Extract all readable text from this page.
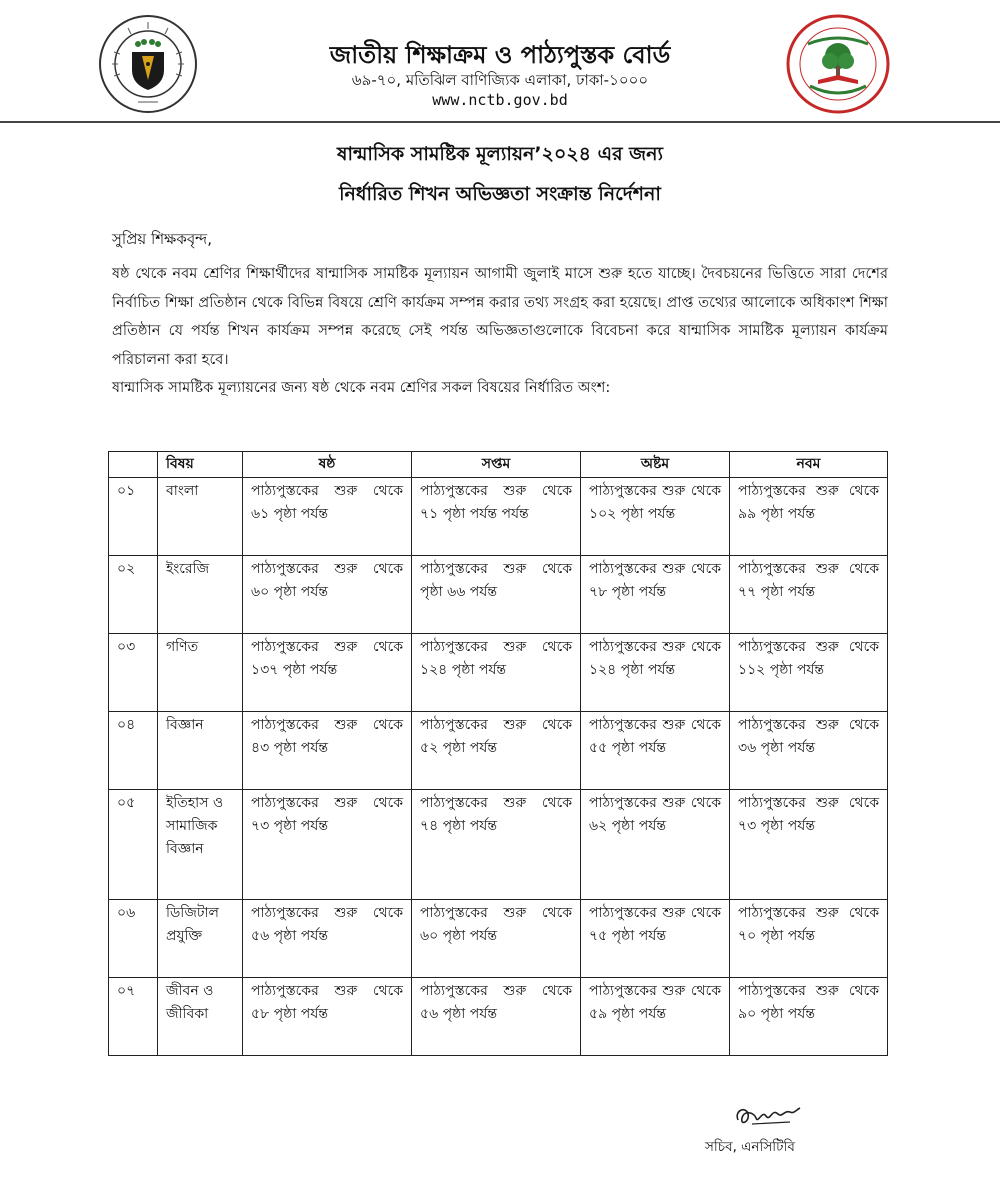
জাতীয় শিক্ষাক্রম ও পাঠ্যপুস্তক বোর্ড
৬৯-৭০, মতিঝিল বাণিজ্যিক এলাকা, ঢাকা-১০০০
www.nctb.gov.bd
ষান্মাসিক সামষ্টিক মূল্যায়ন’২০২৪ এর জন্য
নির্ধারিত শিখন অভিজ্ঞতা সংক্রান্ত নির্দেশনা
সুপ্রিয় শিক্ষকবৃন্দ,

ষষ্ঠ থেকে নবম শ্রেণির শিক্ষার্থীদের ষান্মাসিক সামষ্টিক মূল্যায়ন আগামী জুলাই মাসে শুরু হতে যাচ্ছে। দৈবচয়নের ভিত্তিতে সারা দেশের নির্বাচিত শিক্ষা প্রতিষ্ঠান থেকে বিভিন্ন বিষয়ে শ্রেণি কার্যক্রম সম্পন্ন করার তথ্য সংগ্রহ করা হয়েছে। প্রাপ্ত তথ্যের আলোকে অধিকাংশ শিক্ষা প্রতিষ্ঠান যে পর্যন্ত শিখন কার্যক্রম সম্পন্ন করেছে সেই পর্যন্ত অভিজ্ঞতাগুলোকে বিবেচনা করে ষান্মাসিক সামষ্টিক মূল্যায়ন কার্যক্রম পরিচালনা করা হবে।

ষান্মাসিক সামষ্টিক মূল্যায়নের জন্য ষষ্ঠ থেকে নবম শ্রেণির সকল বিষয়ের নির্ধারিত অংশ:

	বিষয়	ষষ্ঠ	সপ্তম	অষ্টম	নবম
০১	বাংলা	পাঠ্যপুস্তকের শুরু থেকে ৬১ পৃষ্ঠা পর্যন্ত	পাঠ্যপুস্তকের শুরু থেকে ৭১ পৃষ্ঠা পর্যন্ত পর্যন্ত	পাঠ্যপুস্তকের শুরু থেকে ১০২ পৃষ্ঠা পর্যন্ত	পাঠ্যপুস্তকের শুরু থেকে ৯৯ পৃষ্ঠা পর্যন্ত
০২	ইংরেজি	পাঠ্যপুস্তকের শুরু থেকে ৬০ পৃষ্ঠা পর্যন্ত	পাঠ্যপুস্তকের শুরু থেকে পৃষ্ঠা ৬৬ পর্যন্ত	পাঠ্যপুস্তকের শুরু থেকে ৭৮ পৃষ্ঠা পর্যন্ত	পাঠ্যপুস্তকের শুরু থেকে ৭৭ পৃষ্ঠা পর্যন্ত
০৩	গণিত	পাঠ্যপুস্তকের শুরু থেকে ১৩৭ পৃষ্ঠা পর্যন্ত	পাঠ্যপুস্তকের শুরু থেকে ১২৪ পৃষ্ঠা পর্যন্ত	পাঠ্যপুস্তকের শুরু থেকে ১২৪ পৃষ্ঠা পর্যন্ত	পাঠ্যপুস্তকের শুরু থেকে ১১২ পৃষ্ঠা পর্যন্ত
০৪	বিজ্ঞান	পাঠ্যপুস্তকের শুরু থেকে ৪৩ পৃষ্ঠা পর্যন্ত	পাঠ্যপুস্তকের শুরু থেকে ৫২ পৃষ্ঠা পর্যন্ত	পাঠ্যপুস্তকের শুরু থেকে ৫৫ পৃষ্ঠা পর্যন্ত	পাঠ্যপুস্তকের শুরু থেকে ৩৬ পৃষ্ঠা পর্যন্ত
০৫	ইতিহাস ও সামাজিক বিজ্ঞান	পাঠ্যপুস্তকের শুরু থেকে ৭৩ পৃষ্ঠা পর্যন্ত	পাঠ্যপুস্তকের শুরু থেকে ৭৪ পৃষ্ঠা পর্যন্ত	পাঠ্যপুস্তকের শুরু থেকে ৬২ পৃষ্ঠা পর্যন্ত	পাঠ্যপুস্তকের শুরু থেকে ৭৩ পৃষ্ঠা পর্যন্ত
০৬	ডিজিটাল প্রযুক্তি	পাঠ্যপুস্তকের শুরু থেকে ৫৬ পৃষ্ঠা পর্যন্ত	পাঠ্যপুস্তকের শুরু থেকে ৬০ পৃষ্ঠা পর্যন্ত	পাঠ্যপুস্তকের শুরু থেকে ৭৫ পৃষ্ঠা পর্যন্ত	পাঠ্যপুস্তকের শুরু থেকে ৭০ পৃষ্ঠা পর্যন্ত
০৭	জীবন ও জীবিকা	পাঠ্যপুস্তকের শুরু থেকে ৫৮ পৃষ্ঠা পর্যন্ত	পাঠ্যপুস্তকের শুরু থেকে ৫৬ পৃষ্ঠা পর্যন্ত	পাঠ্যপুস্তকের শুরু থেকে ৫৯ পৃষ্ঠা পর্যন্ত	পাঠ্যপুস্তকের শুরু থেকে ৯০ পৃষ্ঠা পর্যন্ত
সচিব, এনসিটিবি
